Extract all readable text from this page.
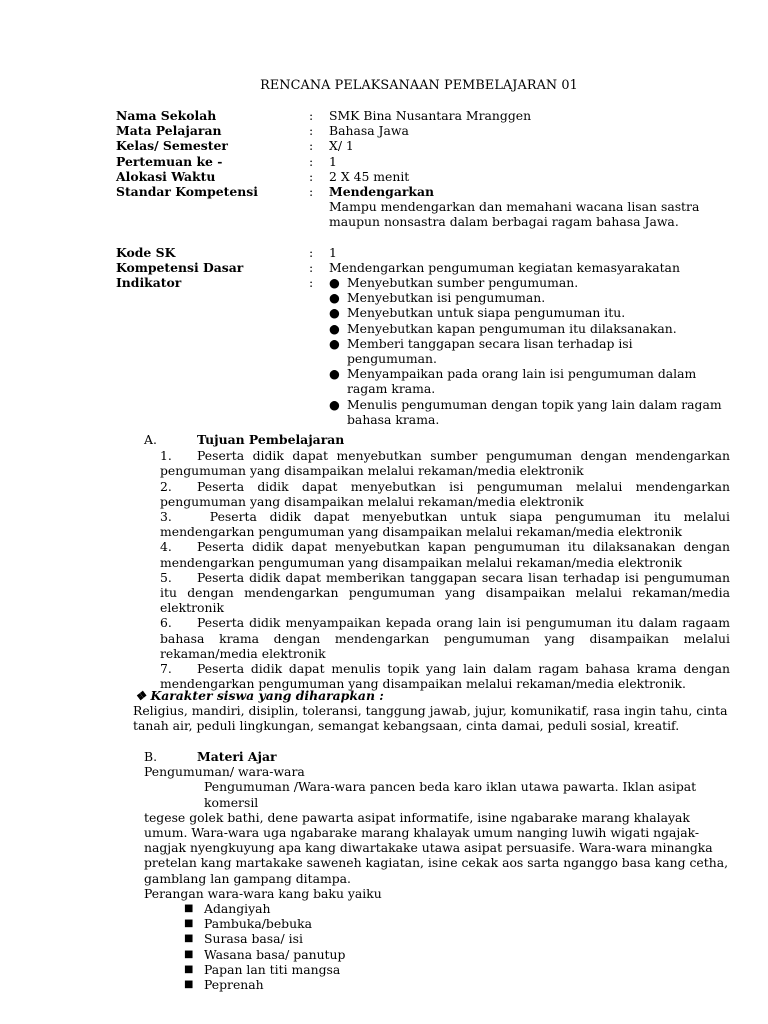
RENCANA PELAKSANAAN PEMBELAJARAN 01
Nama Sekolah	:	SMK Bina Nusantara Mranggen
Mata Pelajaran	:	Bahasa Jawa
Kelas/ Semester	:	X/ 1
Pertemuan ke -	:	1
Alokasi Waktu	:	2 X 45 menit
Standar Kompetensi	:	Mendengarkan
Mampu mendengarkan dan memahani wacana lisan sastra maupun nonsastra dalam berbagai ragam bahasa Jawa.
Kode SK	:	1
Kompetensi Dasar	:	Mendengarkan pengumuman kegiatan kemasyarakatan
Indikator	:	● Menyebutkan sumber pengumuman.
● Menyebutkan isi pengumuman.
● Menyebutkan untuk siapa pengumuman itu.
● Menyebutkan kapan pengumuman itu dilaksanakan.
● Memberi tanggapan secara lisan terhadap isi pengumuman.
● Menyampaikan pada orang lain isi pengumuman dalam ragam krama.
● Menulis pengumuman dengan topik yang lain dalam ragam bahasa krama.
A.	Tujuan Pembelajaran
1. Peserta didik dapat menyebutkan sumber pengumuman dengan mendengarkan pengumuman yang disampaikan melalui rekaman/media elektronik
2. Peserta didik dapat menyebutkan isi pengumuman melalui mendengarkan pengumuman yang disampaikan melalui rekaman/media elektronik
3. Peserta didik dapat menyebutkan untuk siapa pengumuman itu melalui mendengarkan pengumuman yang disampaikan melalui rekaman/media elektronik
4. Peserta didik dapat menyebutkan kapan pengumuman itu dilaksanakan dengan mendengarkan pengumuman yang disampaikan melalui rekaman/media elektronik
5. Peserta didik dapat memberikan tanggapan secara lisan terhadap isi pengumuman itu dengan mendengarkan pengumuman yang disampaikan melalui rekaman/media elektronik
6. Peserta didik menyampaikan kepada orang lain isi pengumuman itu dalam ragaam bahasa krama dengan mendengarkan pengumuman yang disampaikan melalui rekaman/media elektronik
7. Peserta didik dapat menulis topik yang lain dalam ragam bahasa krama dengan mendengarkan pengumuman yang disampaikan melalui rekaman/media elektronik.
❖ Karakter siswa yang diharapkan :
Religius, mandiri, disiplin, toleransi, tanggung jawab, jujur, komunikatif, rasa ingin tahu, cinta tanah air, peduli lingkungan, semangat kebangsaan, cinta damai, peduli sosial, kreatif.
B.	Materi Ajar
Pengumuman/ wara-wara
Pengumuman /Wara-wara pancen beda karo iklan utawa pawarta. Iklan asipat komersil
tegese golek bathi, dene pawarta asipat informatife, isine ngabarake marang khalayak umum. Wara-wara uga ngabarake marang khalayak umum nanging luwih wigati ngajak-nagjak nyengkuyung apa kang diwartakake utawa asipat persuasife. Wara-wara minangka pretelan kang martakake saweneh kagiatan, isine cekak aos sarta nganggo basa kang cetha, gamblang lan gampang ditampa.
Perangan wara-wara kang baku yaiku
■ Adangiyah
■ Pambuka/bebuka
■ Surasa basa/ isi
■ Wasana basa/ panutup
■ Papan lan titi mangsa
■ Peprenah
